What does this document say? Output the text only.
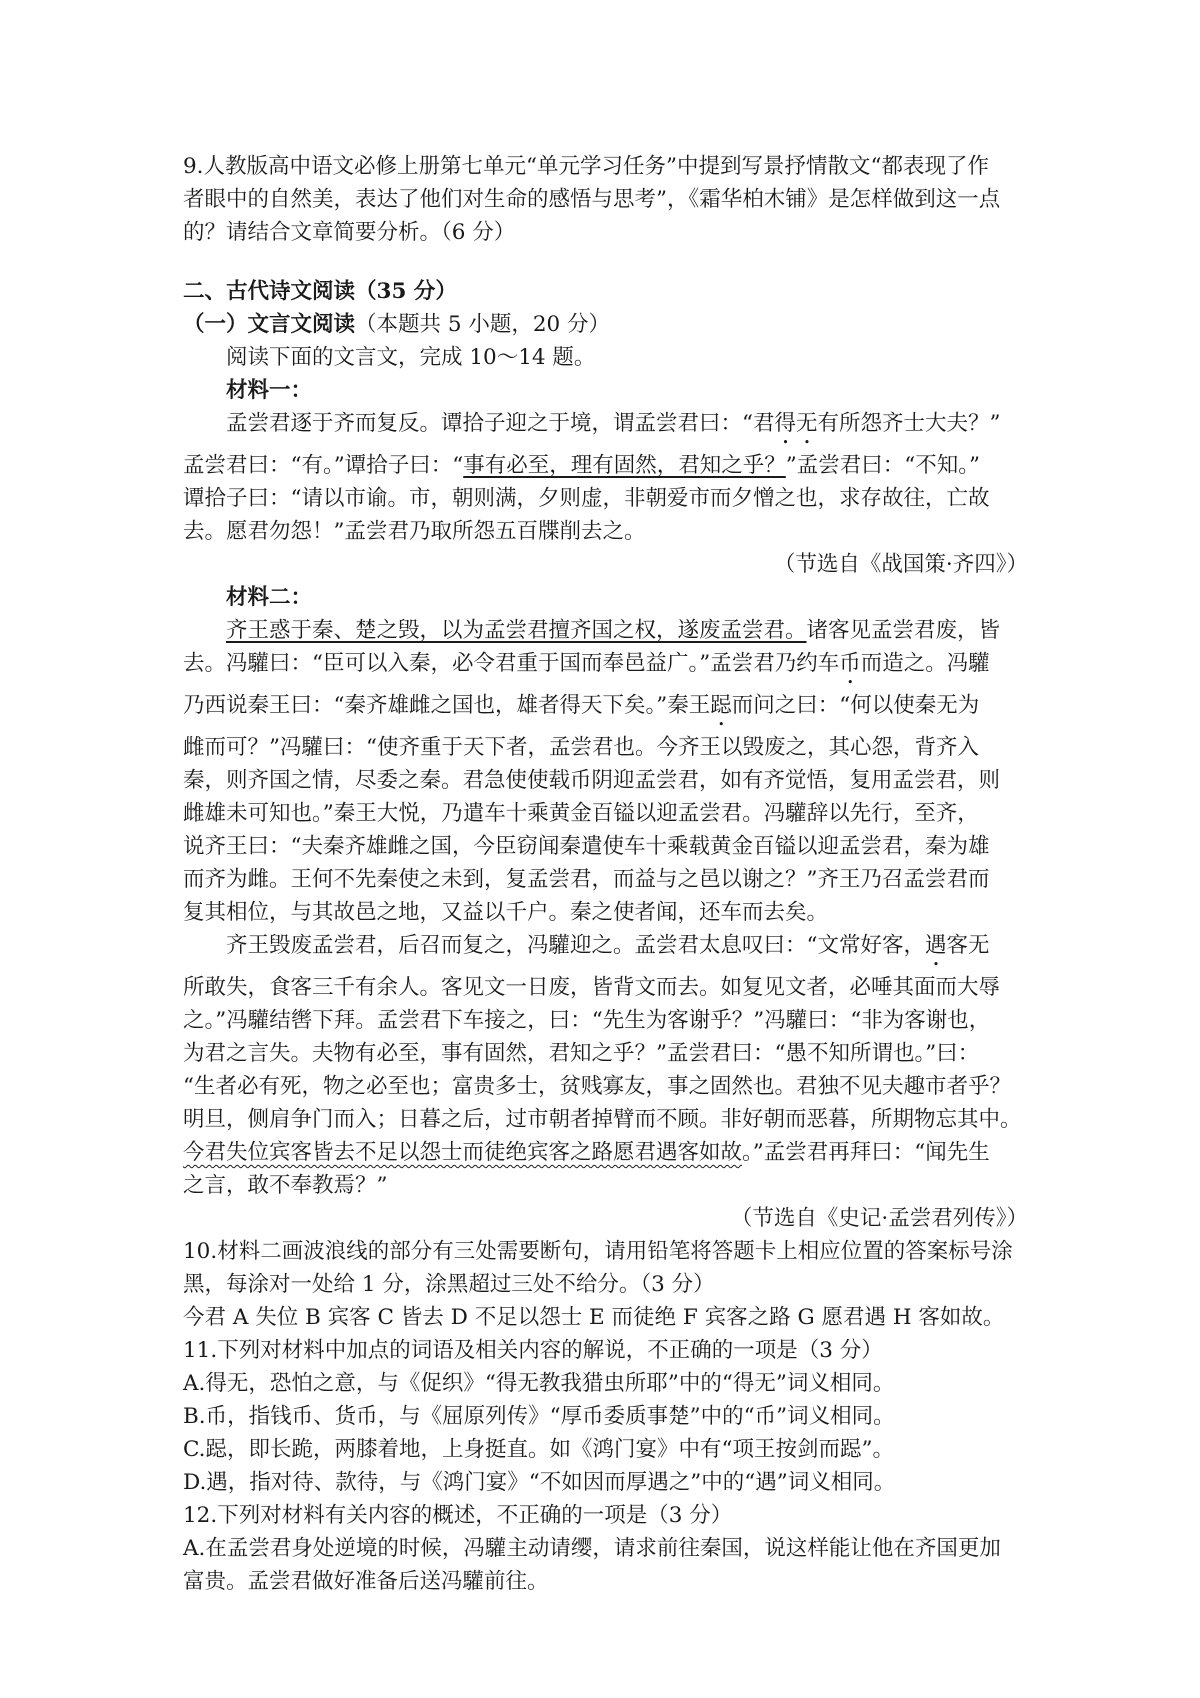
9.人教版高中语文必修上册第七单元“单元学习任务”中提到写景抒情散文“都表现了作

者眼中的自然美，表达了他们对生命的感悟与思考”，《霜华柏木铺》是怎样做到这一点

的？请结合文章简要分析。（6 分）

二、古代诗文阅读（35 分）

（一）文言文阅读（本题共 5 小题，20 分）

阅读下面的文言文，完成 10～14 题。

材料一：

孟尝君逐于齐而复反。谭拾子迎之于境，谓孟尝君曰：“君得无有所怨齐士大夫？”

孟尝君曰：“有。”谭拾子曰：“事有必至，理有固然，君知之乎？”孟尝君曰：“不知。”

谭拾子曰：“请以市谕。市，朝则满，夕则虚，非朝爱市而夕憎之也，求存故往，亡故

去。愿君勿怨！”孟尝君乃取所怨五百牒削去之。

（节选自《战国策·齐四》）

材料二：

齐王惑于秦、楚之毁，以为孟尝君擅齐国之权，遂废孟尝君。诸客见孟尝君废，皆

去。冯驩曰：“臣可以入秦，必令君重于国而奉邑益广。”孟尝君乃约车币而造之。冯驩

乃西说秦王曰：“秦齐雄雌之国也，雄者得天下矣。”秦王跽而问之曰：“何以使秦无为

雌而可？”冯驩曰：“使齐重于天下者，孟尝君也。今齐王以毁废之，其心怨，背齐入

秦，则齐国之情，尽委之秦。君急使使载币阴迎孟尝君，如有齐觉悟，复用孟尝君，则

雌雄未可知也。”秦王大悦，乃遣车十乘黄金百镒以迎孟尝君。冯驩辞以先行，至齐，

说齐王曰：“夫秦齐雄雌之国，今臣窃闻秦遣使车十乘载黄金百镒以迎孟尝君，秦为雄

而齐为雌。王何不先秦使之未到，复孟尝君，而益与之邑以谢之？”齐王乃召孟尝君而

复其相位，与其故邑之地，又益以千户。秦之使者闻，还车而去矣。

齐王毁废孟尝君，后召而复之，冯驩迎之。孟尝君太息叹曰：“文常好客，遇客无

所敢失，食客三千有余人。客见文一日废，皆背文而去。如复见文者，必唾其面而大辱

之。”冯驩结辔下拜。孟尝君下车接之，曰：“先生为客谢乎？”冯驩曰：“非为客谢也，

为君之言失。夫物有必至，事有固然，君知之乎？”孟尝君曰：“愚不知所谓也。”曰：

“生者必有死，物之必至也；富贵多士，贫贱寡友，事之固然也。君独不见夫趣市者乎？

明旦，侧肩争门而入；日暮之后，过市朝者掉臂而不顾。非好朝而恶暮，所期物忘其中。

今君失位宾客皆去不足以怨士而徒绝宾客之路愿君遇客如故。”孟尝君再拜曰：“闻先生

之言，敢不奉教焉？”

（节选自《史记·孟尝君列传》）

10.材料二画波浪线的部分有三处需要断句，请用铅笔将答题卡上相应位置的答案标号涂

黑，每涂对一处给 1 分，涂黑超过三处不给分。（3 分）

今君 A 失位 B 宾客 C 皆去 D 不足以怨士 E 而徒绝 F 宾客之路 G 愿君遇 H 客如故。

11.下列对材料中加点的词语及相关内容的解说，不正确的一项是（3 分）

A.得无，恐怕之意，与《促织》“得无教我猎虫所耶”中的“得无”词义相同。

B.币，指钱币、货币，与《屈原列传》“厚币委质事楚”中的“币”词义相同。

C.跽，即长跪，两膝着地，上身挺直。如《鸿门宴》中有“项王按剑而跽”。

D.遇，指对待、款待，与《鸿门宴》“不如因而厚遇之”中的“遇”词义相同。

12.下列对材料有关内容的概述，不正确的一项是（3 分）

A.在孟尝君身处逆境的时候，冯驩主动请缨，请求前往秦国，说这样能让他在齐国更加

富贵。孟尝君做好准备后送冯驩前往。
